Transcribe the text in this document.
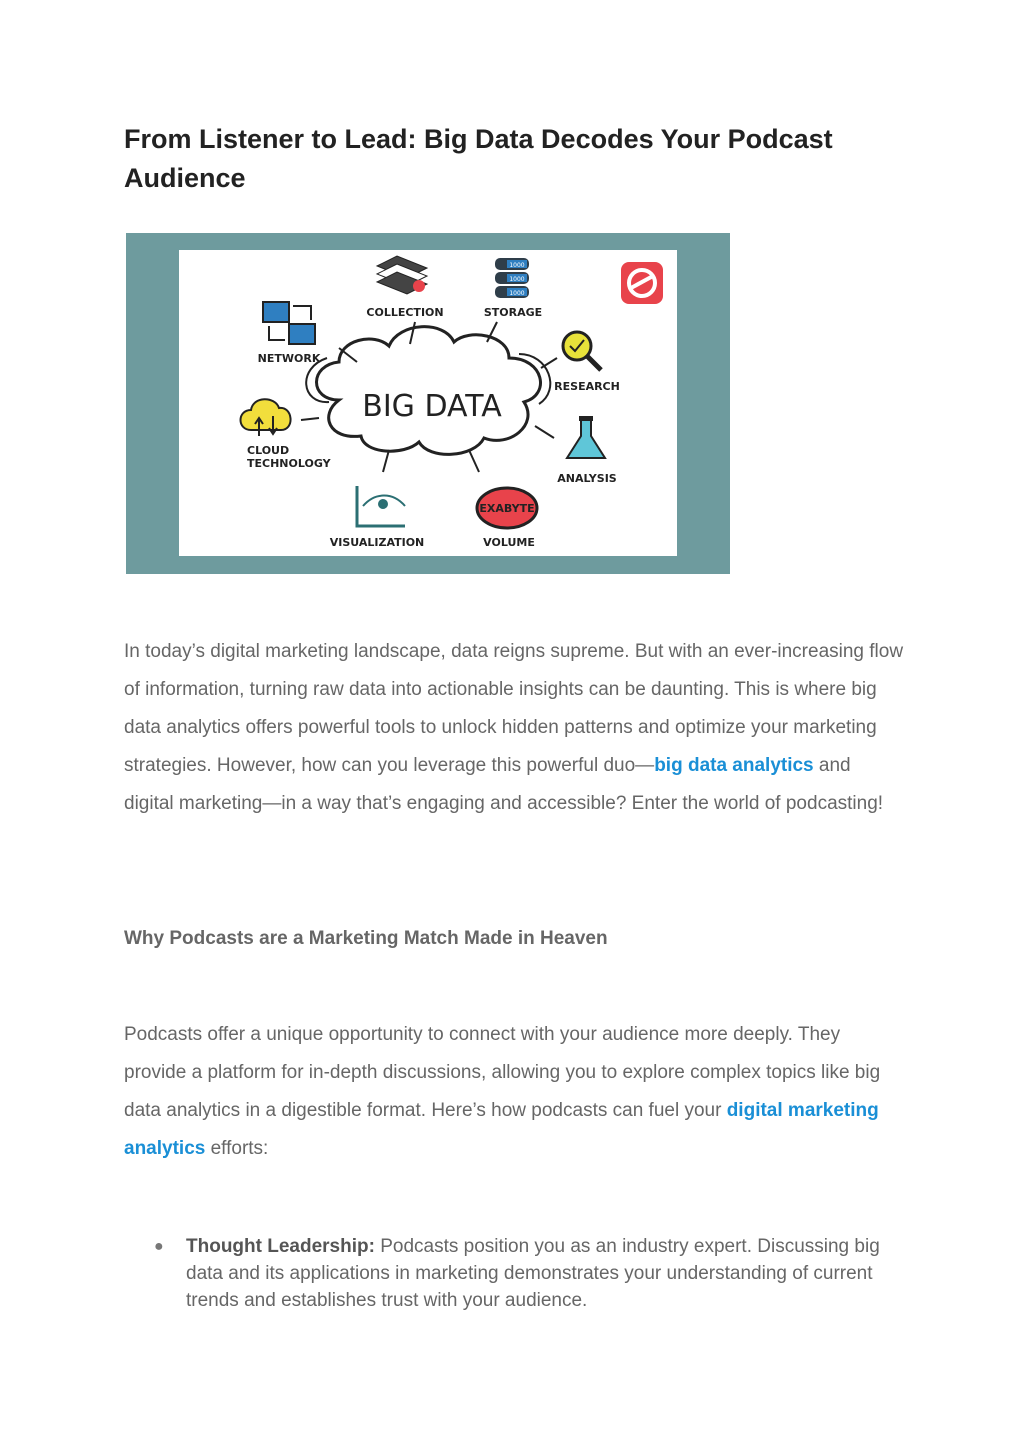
From Listener to Lead: Big Data Decodes Your Podcast Audience
BIG DATA
COLLECTION
1000
1000
1000
STORAGE
NETWORK
RESEARCH
CLOUD
TECHNOLOGY
ANALYSIS
VISUALIZATION
EXABYTE
VOLUME

In today’s digital marketing landscape, data reigns supreme. But with an ever-increasing flow of information, turning raw data into actionable insights can be daunting. This is where big data analytics offers powerful tools to unlock hidden patterns and optimize your marketing strategies. However, how can you leverage this powerful duo—big data analytics and digital marketing—in a way that’s engaging and accessible? Enter the world of podcasting!

Why Podcasts are a Marketing Match Made in Heaven

Podcasts offer a unique opportunity to connect with your audience more deeply. They provide a platform for in-depth discussions, allowing you to explore complex topics like big data analytics in a digestible format. Here’s how podcasts can fuel your digital marketing analytics efforts:

● Thought Leadership: Podcasts position you as an industry expert. Discussing big data and its applications in marketing demonstrates your understanding of current trends and establishes trust with your audience.
